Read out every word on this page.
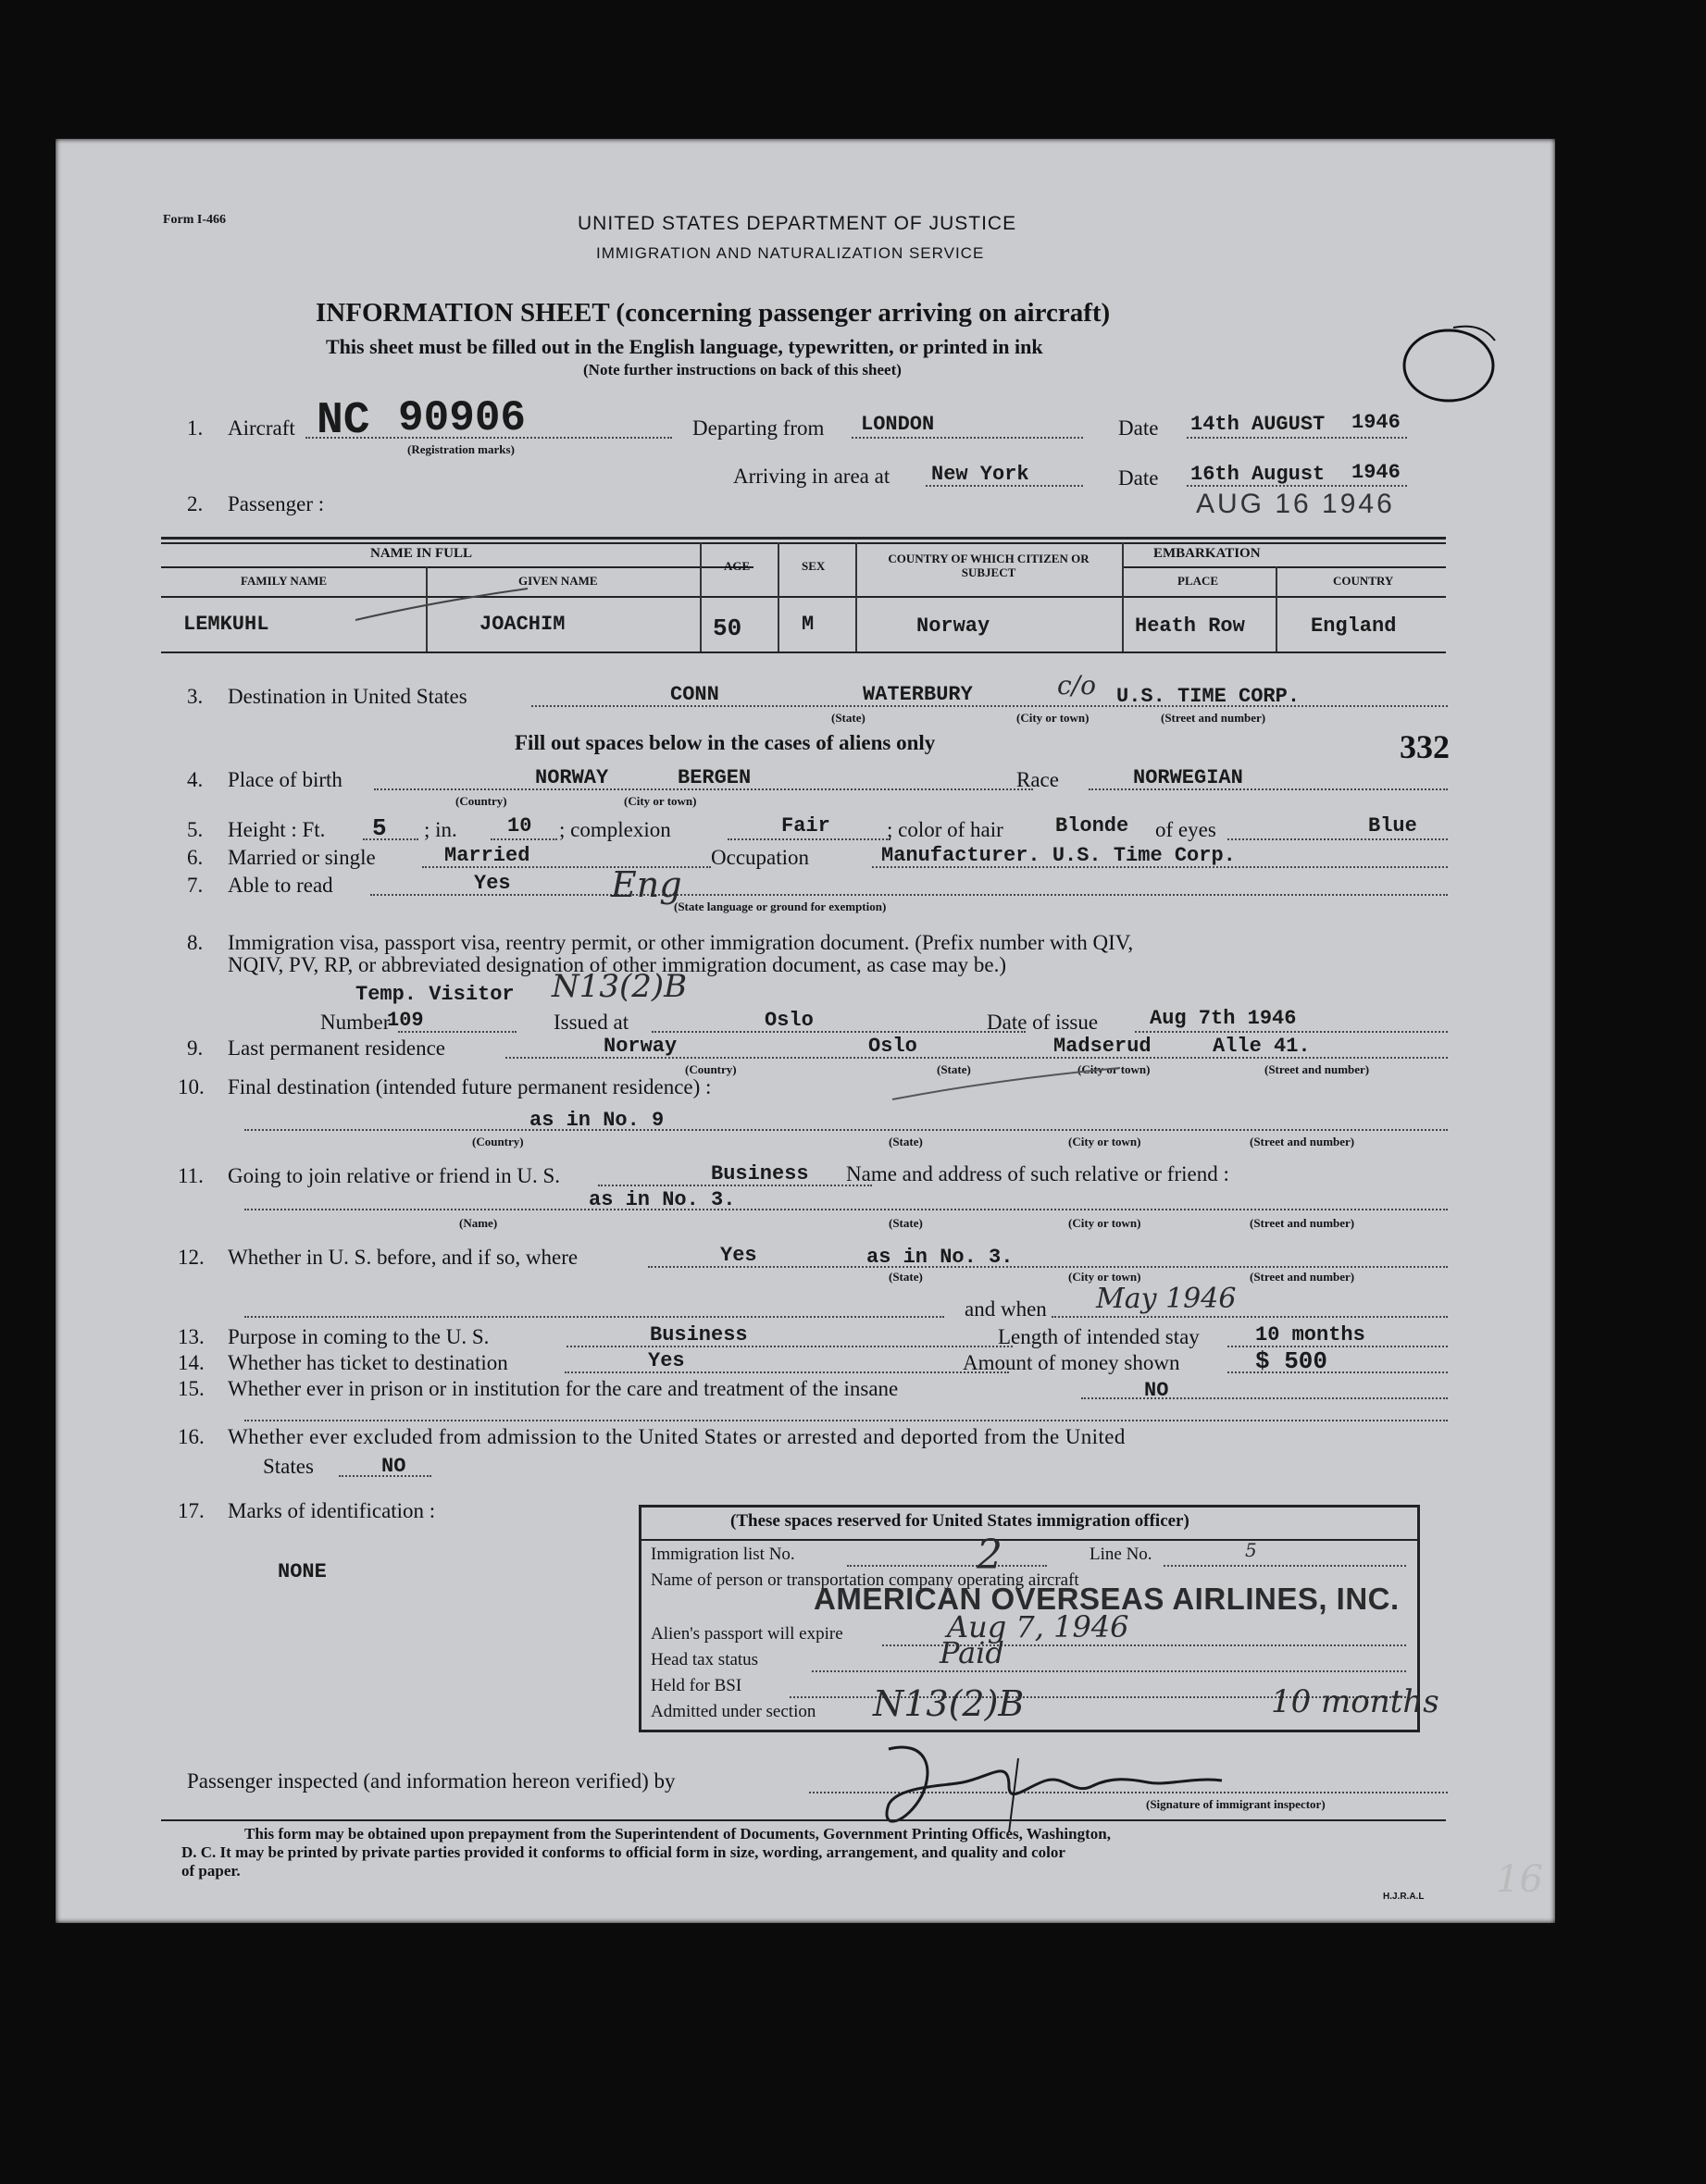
Form I-466	UNITED STATES DEPARTMENT OF JUSTICE
IMMIGRATION AND NATURALIZATION SERVICE
INFORMATION SHEET (concerning passenger arriving on aircraft)
This sheet must be filled out in the English language, typewritten, or printed in ink
(Note further instructions on back of this sheet)
1. Aircraft NC 90906
(Registration marks)
Departing from LONDON	Date 14th AUGUST 1946
Arriving in area at New York	Date 16th August 1946
AUG 16 1946
2. Passenger :
NAME IN FULL
FAMILY NAME	GIVEN NAME
AGE	SEX
COUNTRY OF WHICH CITIZEN OR SUBJECT
EMBARKATION
PLACE	COUNTRY
LEMKUHL	JOACHIM	50	M	Norway	Heath Row	England
3. Destination in United States	CONN	WATERBURY	c/o U.S. TIME CORP.
(State)	(City or town)	(Street and number)
Fill out spaces below in the cases of aliens only	332
4. Place of birth	NORWAY	BERGEN
(Country)	(City or town)
Race	NORWEGIAN
5. Height : Ft. 5 ; in. 10 ; complexion	Fair	; color of hair	Blonde of eyes	Blue
6. Married or single	Married	Occupation	Manufacturer. U.S. Time Corp.
7. Able to read	Yes	Eng
(State language or ground for exemption)
8. Immigration visa, passport visa, reentry permit, or other immigration document. (Prefix number with QIV,
NQIV, PV, RP, or abbreviated designation of other immigration document, as case may be.)
Temp. Visitor N13(2)B
Number
109	Issued at	Oslo	Date of issue	Aug 7th 1946
9. Last permanent residence	Norway	Oslo	Madserud	Alle 41.
(Country)	(State)	(City or town)	(Street and number)
10. Final destination (intended future permanent residence) :
as in No. 9
(Country)	(State)	(City or town)	(Street and number)
11. Going to join relative or friend in U. S.	Business Name and address of such relative or friend :
as in No. 3.
(Name)	(State)	(City or town)	(Street and number)
12. Whether in U. S. before, and if so, where	Yes	as in No. 3.
(State)	(City or town)	(Street and number)
and when May 1946
13. Purpose in coming to the U. S.	Business	Length of intended stay	10 months
14. Whether has ticket to destination	Yes	Amount of money shown	$ 500
15. Whether ever in prison or in institution for the care and treatment of the insane	NO
16. Whether ever excluded from admission to the United States or arrested and deported from the United
States	NO
17. Marks of identification :
NONE
(These spaces reserved for United States immigration officer)
Immigration list No.	2	Line No.	5
Name of person or transportation company operating aircraft
AMERICAN OVERSEAS AIRLINES, INC.
Alien's passport will expire	Aug 7, 1946
Head tax status	Paid
Held for BSI
Admitted under section N13(2)B	10 months
Passenger inspected (and information hereon verified) by
(Signature of immigrant inspector)
This form may be obtained upon prepayment from the Superintendent of Documents, Government Printing Offices, Washington,
D. C. It may be printed by private parties provided it conforms to official form in size, wording, arrangement, and quality and color
of paper.
H.J.R.A.L 16
